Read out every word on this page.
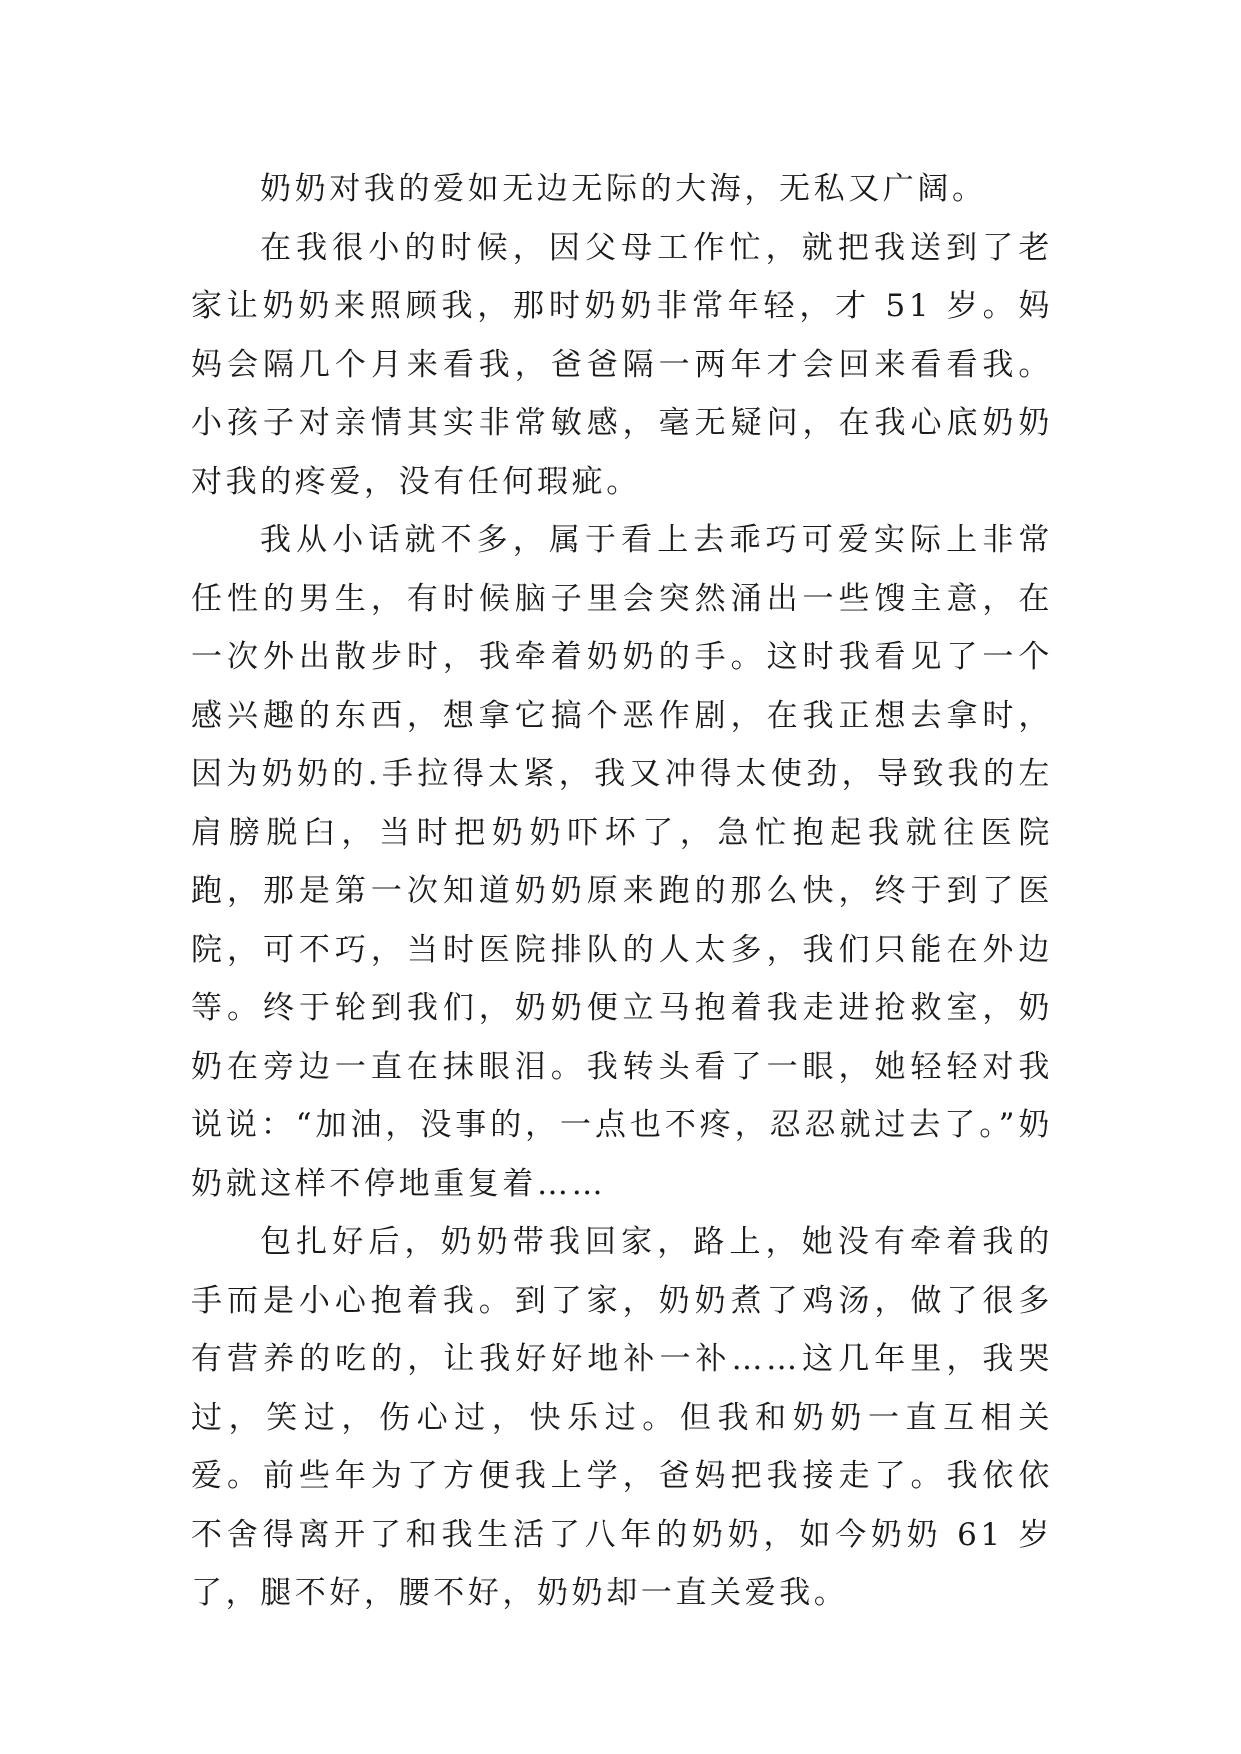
奶奶对我的爱如无边无际的大海，无私又广阔。

在我很小的时候，因父母工作忙，就把我送到了老家让奶奶来照顾我，那时奶奶非常年轻，才 51 岁。妈妈会隔几个月来看我，爸爸隔一两年才会回来看看我。小孩子对亲情其实非常敏感，毫无疑问，在我心底奶奶对我的疼爱，没有任何瑕疵。

我从小话就不多，属于看上去乖巧可爱实际上非常任性的男生，有时候脑子里会突然涌出一些馊主意，在一次外出散步时，我牵着奶奶的手。这时我看见了一个感兴趣的东西，想拿它搞个恶作剧，在我正想去拿时，因为奶奶的.手拉得太紧，我又冲得太使劲，导致我的左肩膀脱臼，当时把奶奶吓坏了，急忙抱起我就往医院跑，那是第一次知道奶奶原来跑的那么快，终于到了医院，可不巧，当时医院排队的人太多，我们只能在外边等。终于轮到我们，奶奶便立马抱着我走进抢救室，奶奶在旁边一直在抹眼泪。我转头看了一眼，她轻轻对我说说：“加油，没事的，一点也不疼，忍忍就过去了。”奶奶就这样不停地重复着……

包扎好后，奶奶带我回家，路上，她没有牵着我的手而是小心抱着我。到了家，奶奶煮了鸡汤，做了很多有营养的吃的，让我好好地补一补……这几年里，我哭过，笑过，伤心过，快乐过。但我和奶奶一直互相关爱。前些年为了方便我上学，爸妈把我接走了。我依依不舍得离开了和我生活了八年的奶奶，如今奶奶 61 岁了，腿不好，腰不好，奶奶却一直关爱我。
